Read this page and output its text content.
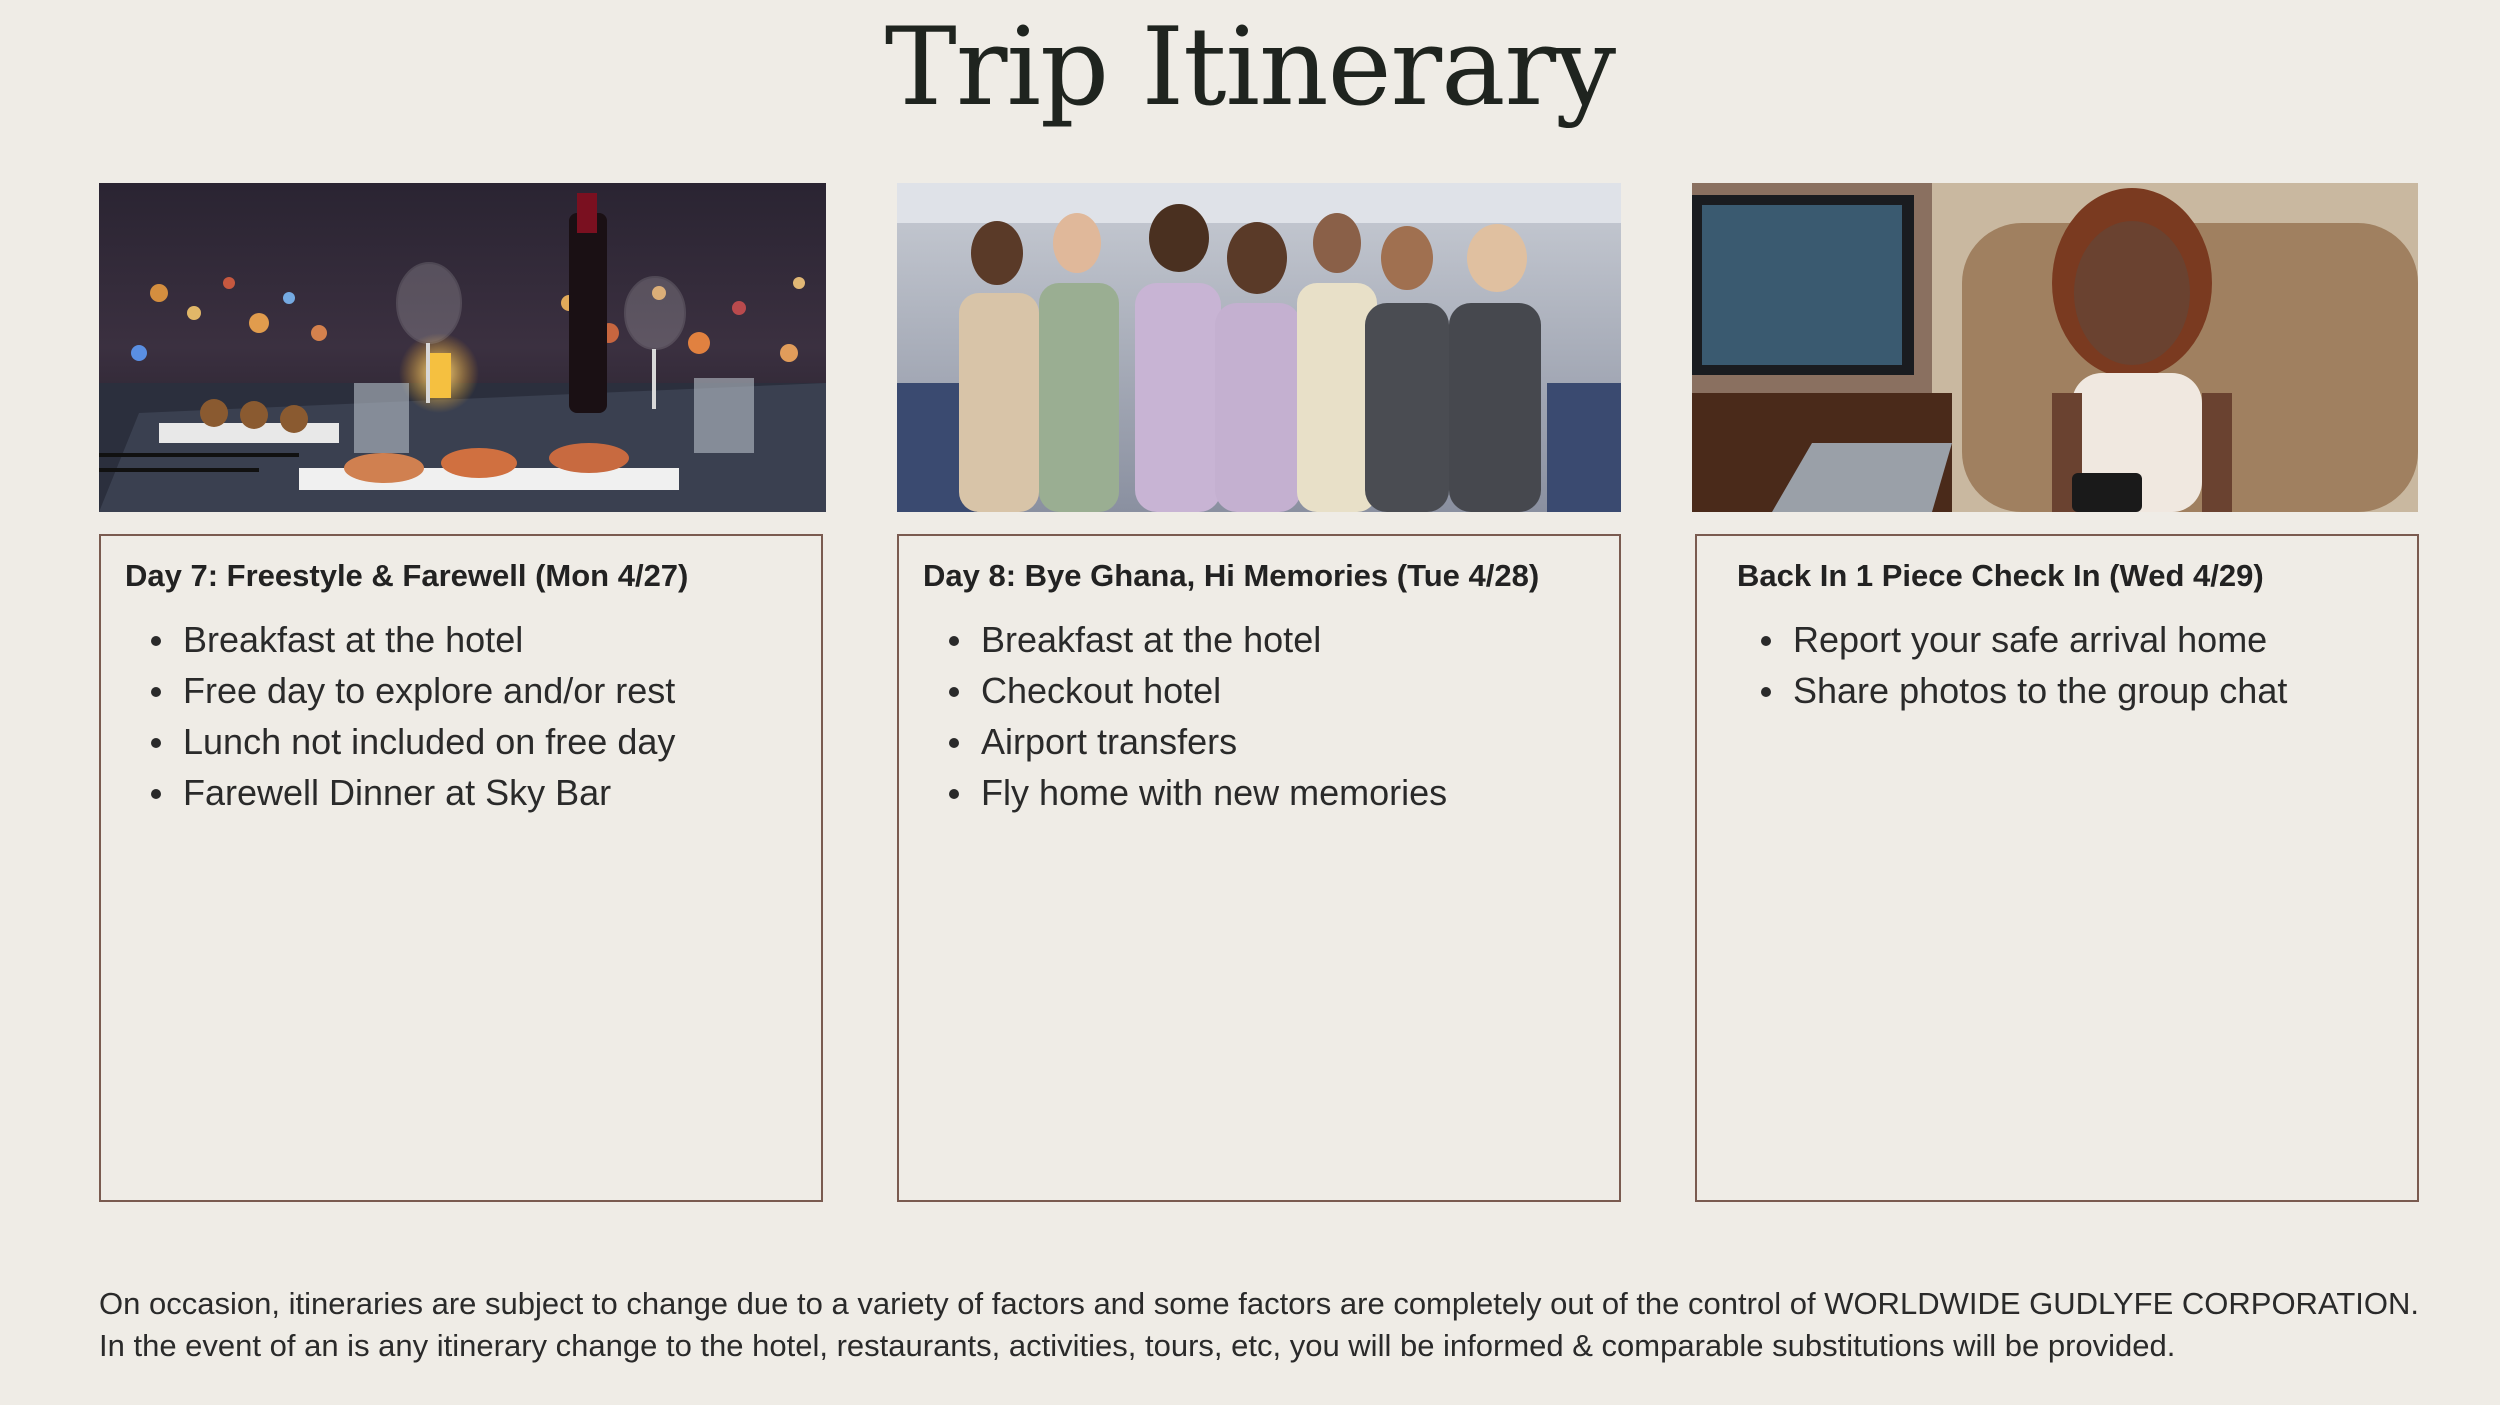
Trip Itinerary
Day 7: Freestyle & Farewell (Mon 4/27)
Breakfast at the hotel
Free day to explore and/or rest
Lunch not included on free day
Farewell Dinner at Sky Bar
Day 8: Bye Ghana, Hi Memories (Tue 4/28)
Breakfast at the hotel
Checkout hotel
Airport transfers
Fly home with new memories
Back In 1 Piece Check In (Wed 4/29)
Report your safe arrival home
Share photos to the group chat
On occasion, itineraries are subject to change due to a variety of factors and some factors are completely out of the control of WORLDWIDE GUDLYFE CORPORATION. In the event of an is any itinerary change to the hotel, restaurants, activities, tours, etc, you will be informed & comparable substitutions will be provided.
